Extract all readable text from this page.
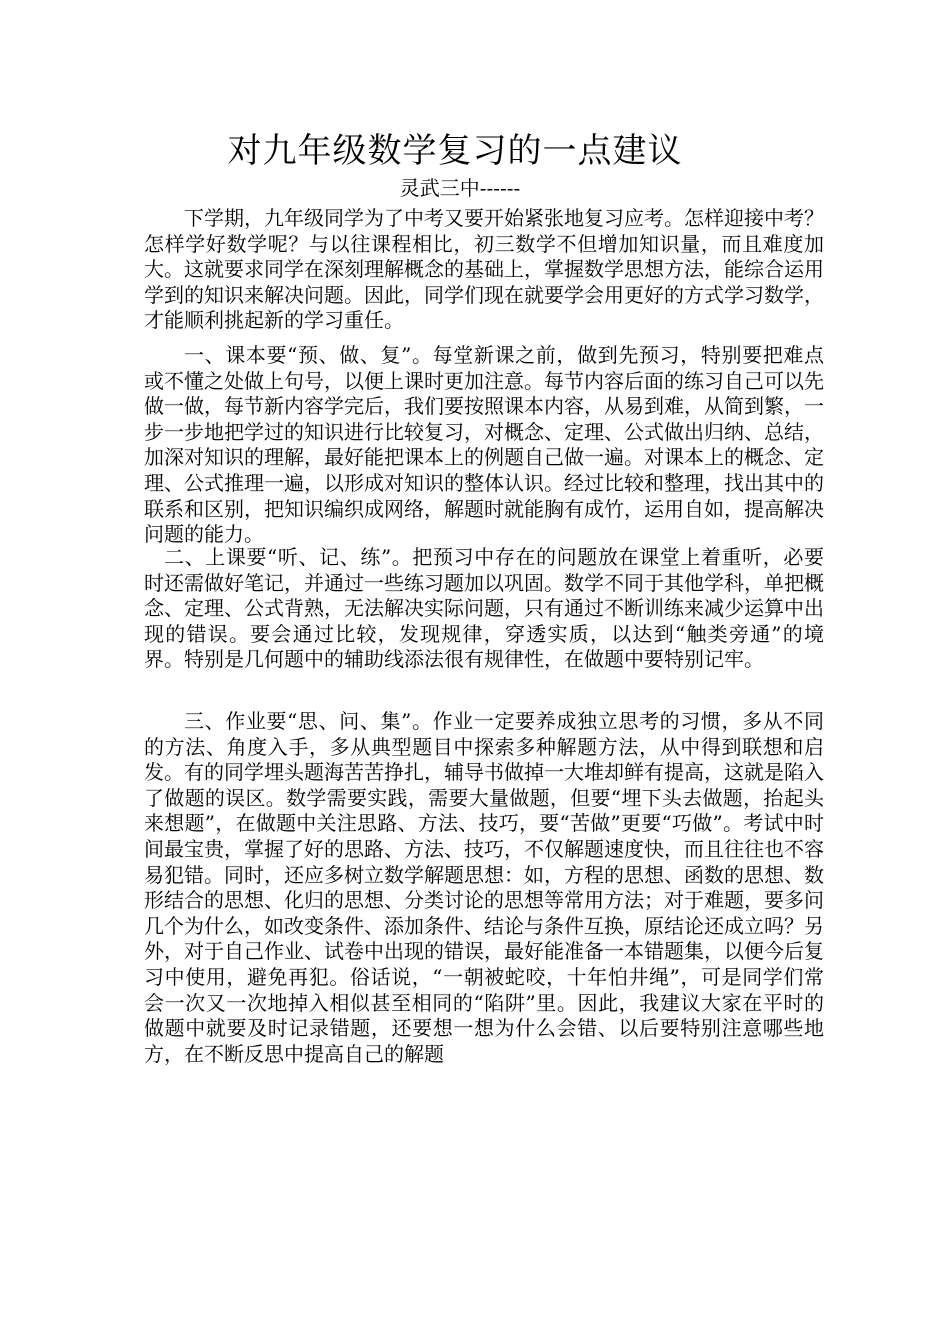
对九年级数学复习的一点建议
灵武三中------

下学期，九年级同学为了中考又要开始紧张地复习应考。怎样迎接中考？怎样学好数学呢？与以往课程相比，初三数学不但增加知识量，而且难度加大。这就要求同学在深刻理解概念的基础上，掌握数学思想方法，能综合运用学到的知识来解决问题。因此，同学们现在就要学会用更好的方式学习数学，才能顺利挑起新的学习重任。

一、课本要“预、做、复”。每堂新课之前，做到先预习，特别要把难点或不懂之处做上句号，以便上课时更加注意。每节内容后面的练习自己可以先做一做，每节新内容学完后，我们要按照课本内容，从易到难，从简到繁，一步一步地把学过的知识进行比较复习，对概念、定理、公式做出归纳、总结，加深对知识的理解，最好能把课本上的例题自己做一遍。对课本上的概念、定理、公式推理一遍，以形成对知识的整体认识。经过比较和整理，找出其中的联系和区别，把知识编织成网络，解题时就能胸有成竹，运用自如，提高解决问题的能力。

二、上课要“听、记、练”。把预习中存在的问题放在课堂上着重听，必要时还需做好笔记，并通过一些练习题加以巩固。数学不同于其他学科，单把概念、定理、公式背熟，无法解决实际问题，只有通过不断训练来减少运算中出现的错误。要会通过比较，发现规律，穿透实质，以达到“触类旁通”的境界。特别是几何题中的辅助线添法很有规律性，在做题中要特别记牢。

三、作业要“思、问、集”。作业一定要养成独立思考的习惯，多从不同的方法、角度入手，多从典型题目中探索多种解题方法，从中得到联想和启发。有的同学埋头题海苦苦挣扎，辅导书做掉一大堆却鲜有提高，这就是陷入了做题的误区。数学需要实践，需要大量做题，但要“埋下头去做题，抬起头来想题”，在做题中关注思路、方法、技巧，要“苦做”更要“巧做”。考试中时间最宝贵，掌握了好的思路、方法、技巧，不仅解题速度快，而且往往也不容易犯错。同时，还应多树立数学解题思想：如，方程的思想、函数的思想、数形结合的思想、化归的思想、分类讨论的思想等常用方法；对于难题，要多问几个为什么，如改变条件、添加条件、结论与条件互换，原结论还成立吗？另外，对于自己作业、试卷中出现的错误，最好能准备一本错题集，以便今后复习中使用，避免再犯。俗话说，“一朝被蛇咬，十年怕井绳”，可是同学们常会一次又一次地掉入相似甚至相同的“陷阱”里。因此，我建议大家在平时的做题中就要及时记录错题，还要想一想为什么会错、以后要特别注意哪些地方，在不断反思中提高自己的解题
